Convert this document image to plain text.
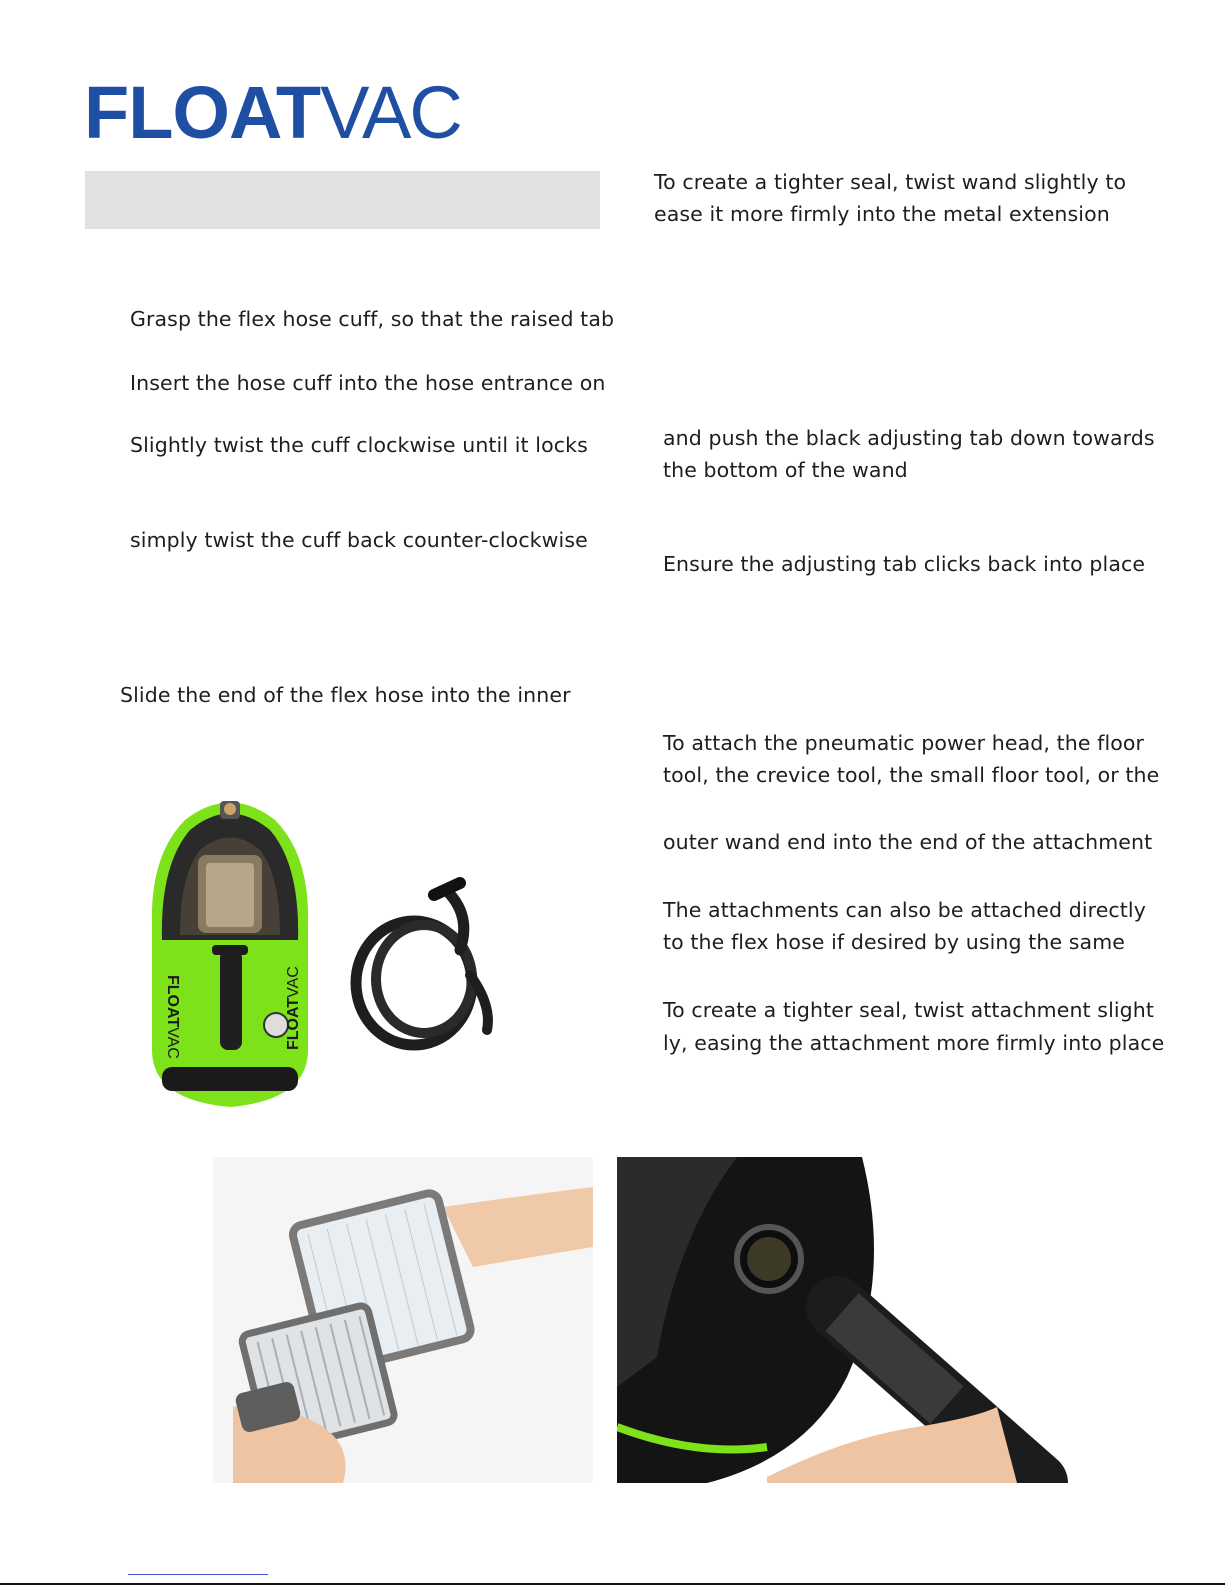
FLOAT VAC
Grasp the flex hose cuff, so that the raised tab
Insert the hose cuff into the hose entrance on
Slightly twist the cuff clockwise until it locks
simply twist the cuff back counter-clockwise
Slide the end of the flex hose into the inner
To create a tighter seal, twist wand slightly to
ease it more firmly into the metal extension
and push the black adjusting tab down towards
the bottom of the wand
Ensure the adjusting tab clicks back into place
To attach the pneumatic power head, the floor
tool, the crevice tool, the small floor tool, or the
outer wand end into the end of the attachment
The attachments can also be attached directly
to the flex hose if desired by using the same
To create a tighter seal, twist attachment slight
ly, easing the attachment more firmly into place
FLOATVAC	FLOATVAC
